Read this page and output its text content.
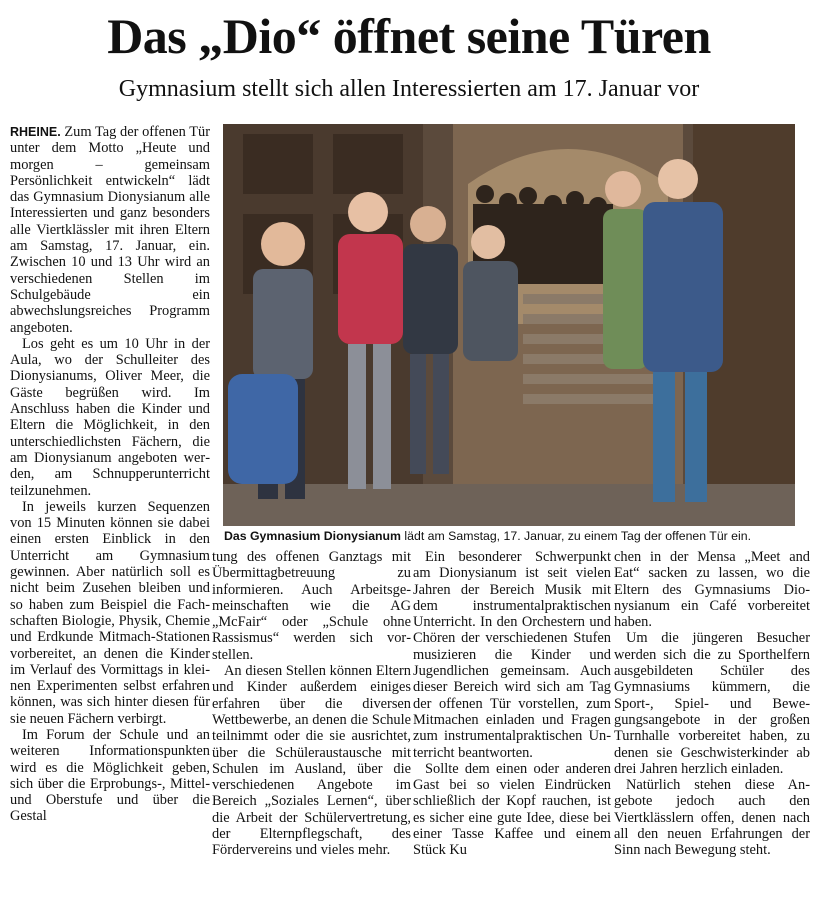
Das „Dio“ öffnet seine Türen
Gymnasium stellt sich allen Interessierten am 17. Januar vor

RHEINE. Zum Tag der offenen Tür unter dem Motto „Heute und morgen – gemeinsam Persönlichkeit entwickeln“ lädt das Gymnasium Dionysianum alle Interessierten und ganz besonders alle Viertklässler mit ihren Eltern am Samstag, 17. Januar, ein. Zwischen 10 und 13 Uhr wird an verschiedenen Stellen im Schulgebäude ein abwechslungsreiches Programm angeboten.

Los geht es um 10 Uhr in der Aula, wo der Schulleiter des Dionysianums, Oliver Meer, die Gäste begrüßen wird. Im Anschluss haben die Kinder und Eltern die Möglichkeit, in den unterschiedlichsten Fächern, die am Dionysianum angeboten werden, am Schnupperunterricht teilzunehmen.

In jeweils kurzen Sequenzen von 15 Minuten können sie dabei einen ersten Einblick in den Unterricht am Gymnasium gewinnen. Aber natürlich soll es nicht beim Zusehen bleiben und so haben zum Beispiel die Fachschaften Biologie, Physik, Chemie und Erdkunde Mitmach-Stationen vorbereitet, an denen die Kinder im Verlauf des Vormittags in kleinen Experimenten selbst erfahren können, was sich hinter diesen für sie neuen Fächern verbirgt.

Im Forum der Schule und an weiteren Informationspunkten wird es die Möglichkeit geben, sich über die Erprobungs-, Mittel- und Oberstufe und über die Gestal

Das Gymnasium Dionysianum lädt am Samstag, 17. Januar, zu einem Tag der offenen Tür ein.

tung des offenen Ganztags mit Übermittagbetreuung zu informieren. Auch Arbeitsgemeinschaften wie die AG „McFair“ oder „Schule ohne Rassismus“ werden sich vorstellen.

An diesen Stellen können Eltern und Kinder außerdem einiges erfahren über die diversen Wettbewerbe, an denen die Schule teilnimmt oder die sie ausrichtet, über die Schüleraustausche mit Schulen im Ausland, über die verschiedenen Angebote im Bereich „Soziales Lernen“, über die Arbeit der Schülervertretung, der Elternpflegschaft, des Fördervereins und vieles mehr.

Ein besonderer Schwerpunkt am Dionysianum ist seit vielen Jahren der Bereich Musik mit dem instrumentalpraktischen Unterricht. In den Orchestern und Chören der verschiedenen Stufen musizieren die Kinder und Jugendlichen gemeinsam. Auch dieser Bereich wird sich am Tag der offenen Tür vorstellen, zum Mitmachen einladen und Fragen zum instrumentalpraktischen Unterricht beantworten.

Sollte dem einen oder anderen Gast bei so vielen Eindrücken schließlich der Kopf rauchen, ist es sicher eine gute Idee, diese bei einer Tasse Kaffee und einem Stück Ku

chen in der Mensa „Meet and Eat“ sacken zu lassen, wo die Eltern des Gymnasiums Dionysianum ein Café vorbereitet haben.

Um die jüngeren Besucher werden sich die zu Sporthelfern ausgebildeten Schüler des Gymnasiums kümmern, die Sport-, Spiel- und Bewegungsangebote in der großen Turnhalle vorbereitet haben, zu denen sie Geschwisterkinder ab drei Jahren herzlich einladen.

Natürlich stehen diese Angebote jedoch auch den Viertklässlern offen, denen nach all den neuen Erfahrungen der Sinn nach Bewegung steht.
